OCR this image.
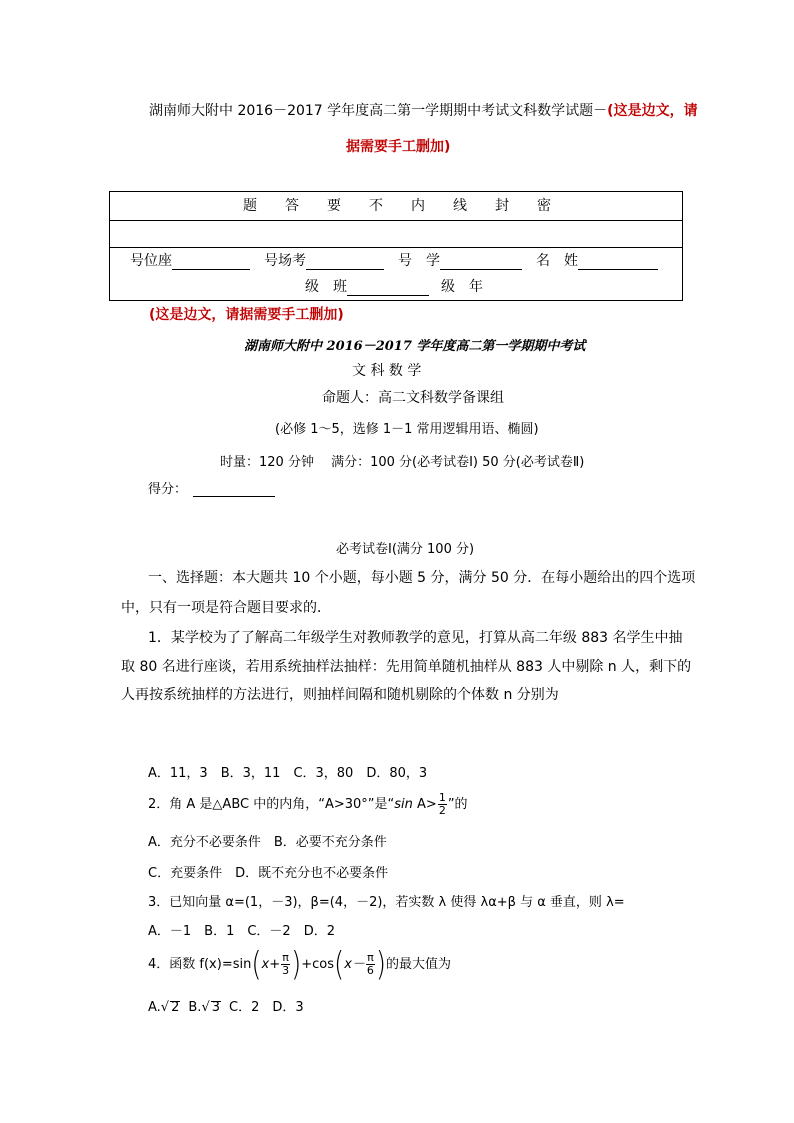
湖南师大附中 2016－2017 学年度高二第一学期期中考试文科数学试题－(这是边文，请
据需要手工删加)
题　　答　　要　　不　　内　　线　　封　　密
号位座	号场考	号　学	名　姓
级　班	级　年
(这是边文，请据需要手工删加)
湖南师大附中 2016－2017 学年度高二第一学期期中考试
文 科 数 学
命题人：高二文科数学备课组
(必修 1～5，选修 1－1 常用逻辑用语、椭圆)
时量：120 分钟　 满分：100 分(必考试卷Ⅰ) 50 分(必考试卷Ⅱ)
得分：
必考试卷Ⅰ(满分 100 分)
一、选择题：本大题共 10 个小题，每小题 5 分，满分 50 分．在每小题给出的四个选项
中，只有一项是符合题目要求的．
1．某学校为了了解高二年级学生对教师教学的意见，打算从高二年级 883 名学生中抽
取 80 名进行座谈，若用系统抽样法抽样：先用简单随机抽样从 883 人中剔除 n 人，剩下的
人再按系统抽样的方法进行，则抽样间隔和随机剔除的个体数 n 分别为
A．11，3　B．3，11　C．3，80　D．80，3
2．角 A 是△ABC 中的内角，“A>30°”是“sin $A> \frac{1}{2}$ ”的
A．充分不必要条件　B．必要不充分条件
C．充要条件　D．既不充分也不必要条件
3．已知向量 α=(1，－3)，β=(4，－2)，若实数 λ 使得 λα+β 与 α 垂直，则 λ=
A．－1　B．1　C．－2　D．2
4．函数 $f(x)=\sin(x+ \frac{\pi}{3} )+\cos(x- \frac{\pi}{6}$ )的最大值为
A.√ 2 B.√ 3 C．2　D．3
